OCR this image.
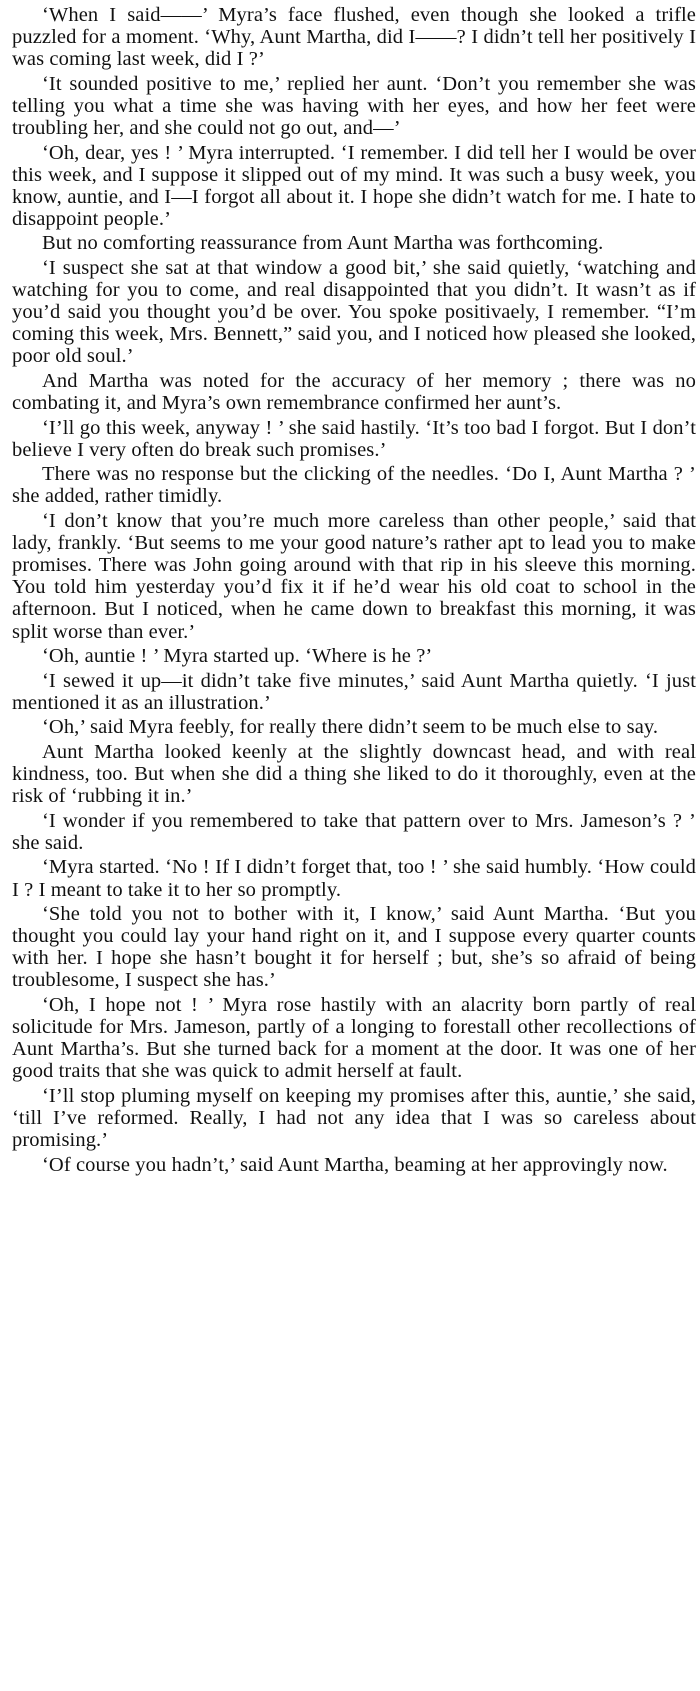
‘When I said——’ Myra’s face flushed, even though she looked a trifle puzzled for a moment. ‘Why, Aunt Martha, did I——? I didn’t tell her positively I was coming last week, did I ?’

‘It sounded positive to me,’ replied her aunt. ‘Don’t you remember she was telling you what a time she was having with her eyes, and how her feet were troubling her, and she could not go out, and—’

‘Oh, dear, yes ! ’ Myra interrupted. ‘I remember. I did tell her I would be over this week, and I suppose it slipped out of my mind. It was such a busy week, you know, auntie, and I—I forgot all about it. I hope she didn’t watch for me. I hate to disappoint people.’

But no comforting reassurance from Aunt Martha was forthcoming.

‘I suspect she sat at that window a good bit,’ she said quietly, ‘watching and watching for you to come, and real disappointed that you didn’t. It wasn’t as if you’d said you thought you’d be over. You spoke positivaely, I remember. “I’m coming this week, Mrs. Bennett,” said you, and I noticed how pleased she looked, poor old soul.’

And Martha was noted for the accuracy of her memory ; there was no combating it, and Myra’s own remembrance confirmed her aunt’s.

‘I’ll go this week, anyway ! ’ she said hastily. ‘It’s too bad I forgot. But I don’t believe I very often do break such promises.’

There was no response but the clicking of the needles. ‘Do I, Aunt Martha ? ’ she added, rather timidly.

‘I don’t know that you’re much more careless than other people,’ said that lady, frankly. ‘But seems to me your good nature’s rather apt to lead you to make promises. There was John going around with that rip in his sleeve this morning. You told him yesterday you’d fix it if he’d wear his old coat to school in the afternoon. But I noticed, when he came down to breakfast this morning, it was split worse than ever.’

‘Oh, auntie ! ’ Myra started up. ‘Where is he ?’

‘I sewed it up—it didn’t take five minutes,’ said Aunt Martha quietly. ‘I just mentioned it as an illustration.’

‘Oh,’ said Myra feebly, for really there didn’t seem to be much else to say.

Aunt Martha looked keenly at the slightly downcast head, and with real kindness, too. But when she did a thing she liked to do it thoroughly, even at the risk of ‘rubbing it in.’

‘I wonder if you remembered to take that pattern over to Mrs. Jameson’s ? ’ she said.

‘Myra started. ‘No ! If I didn’t forget that, too ! ’ she said humbly. ‘How could I ? I meant to take it to her so promptly.

‘She told you not to bother with it, I know,’ said Aunt Martha. ‘But you thought you could lay your hand right on it, and I suppose every quarter counts with her. I hope she hasn’t bought it for herself ; but, she’s so afraid of being troublesome, I suspect she has.’

‘Oh, I hope not ! ’ Myra rose hastily with an alacrity born partly of real solicitude for Mrs. Jameson, partly of a longing to forestall other recollections of Aunt Martha’s. But she turned back for a moment at the door. It was one of her good traits that she was quick to admit herself at fault.

‘I’ll stop pluming myself on keeping my promises after this, auntie,’ she said, ‘till I’ve reformed. Really, I had not any idea that I was so careless about promising.’

‘Of course you hadn’t,’ said Aunt Martha, beaming at her approvingly now.
